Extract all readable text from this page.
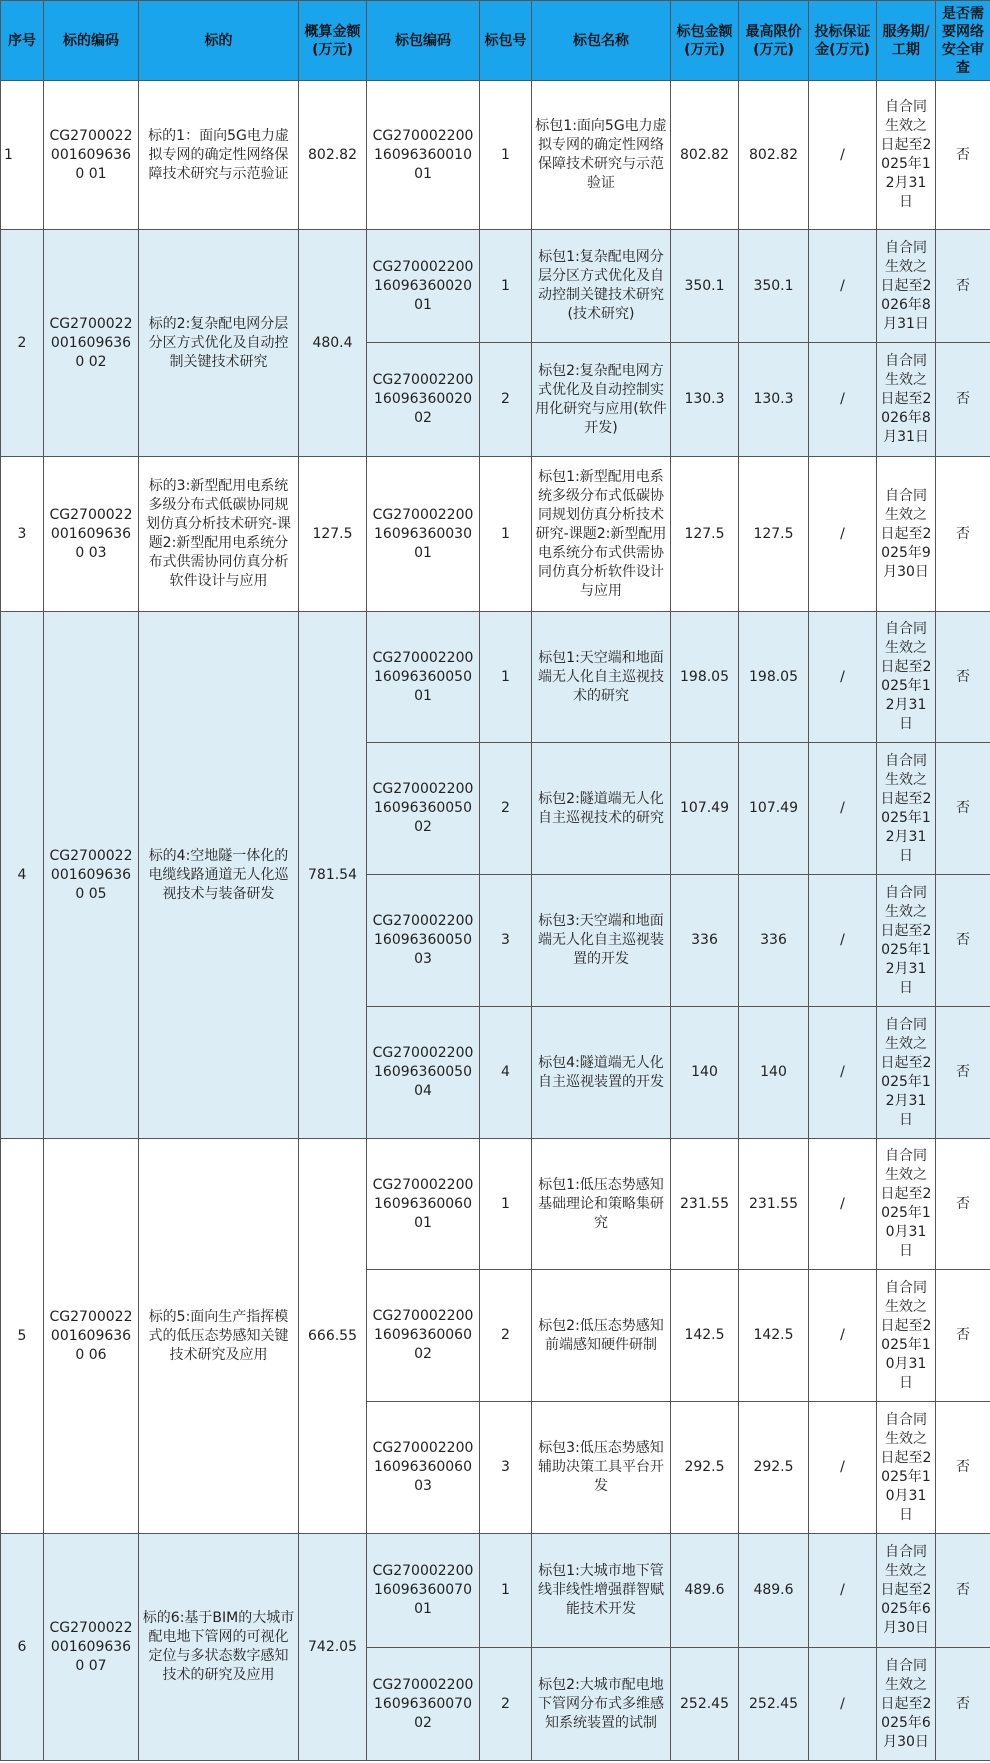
序号	标的编码	标的	概算金额(万元)	标包编码	标包号	标包名称	标包金额(万元)	最高限价(万元)	投标保证金(万元)	服务期/工期	是否需要网络安全审查
1	CG27000220016096360 01	标的1：面向5G电力虚拟专网的确定性网络保障技术研究与示范验证	802.82	CG2700022001609636001001	1	标包1:面向5G电力虚拟专网的确定性网络保障技术研究与示范验证	802.82	802.82	/	自合同生效之日起至2025年12月31日	否
2	CG27000220016096360 02	标的2:复杂配电网分层分区方式优化及自动控制关键技术研究	480.4	CG2700022001609636002001	1	标包1:复杂配电网分层分区方式优化及自动控制关键技术研究(技术研究)	350.1	350.1	/	自合同生效之日起至2026年8月31日	否
				CG2700022001609636002002	2	标包2:复杂配电网方式优化及自动控制实用化研究与应用(软件开发)	130.3	130.3	/	自合同生效之日起至2026年8月31日	否
3	CG27000220016096360 03	标的3:新型配用电系统多级分布式低碳协同规划仿真分析技术研究-课题2:新型配用电系统分布式供需协同仿真分析软件设计与应用	127.5	CG2700022001609636003001	1	标包1:新型配用电系统多级分布式低碳协同规划仿真分析技术研究-课题2:新型配用电系统分布式供需协同仿真分析软件设计与应用	127.5	127.5	/	自合同生效之日起至2025年9月30日	否
4	CG27000220016096360 05	标的4:空地隧一体化的电缆线路通道无人化巡视技术与装备研发	781.54	CG2700022001609636005001	1	标包1:天空端和地面端无人化自主巡视技术的研究	198.05	198.05	/	自合同生效之日起至2025年12月31日	否
				CG2700022001609636005002	2	标包2:隧道端无人化自主巡视技术的研究	107.49	107.49	/	自合同生效之日起至2025年12月31日	否
				CG2700022001609636005003	3	标包3:天空端和地面端无人化自主巡视装置的开发	336	336	/	自合同生效之日起至2025年12月31日	否
				CG2700022001609636005004	4	标包4:隧道端无人化自主巡视装置的开发	140	140	/	自合同生效之日起至2025年12月31日	否
5	CG27000220016096360 06	标的5:面向生产指挥模式的低压态势感知关键技术研究及应用	666.55	CG2700022001609636006001	1	标包1:低压态势感知基础理论和策略集研究	231.55	231.55	/	自合同生效之日起至2025年10月31日	否
				CG2700022001609636006002	2	标包2:低压态势感知前端感知硬件研制	142.5	142.5	/	自合同生效之日起至2025年10月31日	否
				CG2700022001609636006003	3	标包3:低压态势感知辅助决策工具平台开发	292.5	292.5	/	自合同生效之日起至2025年10月31日	否
6	CG27000220016096360 07	标的6:基于BIM的大城市配电地下管网的可视化定位与多状态数字感知技术的研究及应用	742.05	CG2700022001609636007001	1	标包1:大城市地下管线非线性增强群智赋能技术开发	489.6	489.6	/	自合同生效之日起至2025年6月30日	否
				CG2700022001609636007002	2	标包2:大城市配电地下管网分布式多维感知系统装置的试制	252.45	252.45	/	自合同生效之日起至2025年6月30日	否
